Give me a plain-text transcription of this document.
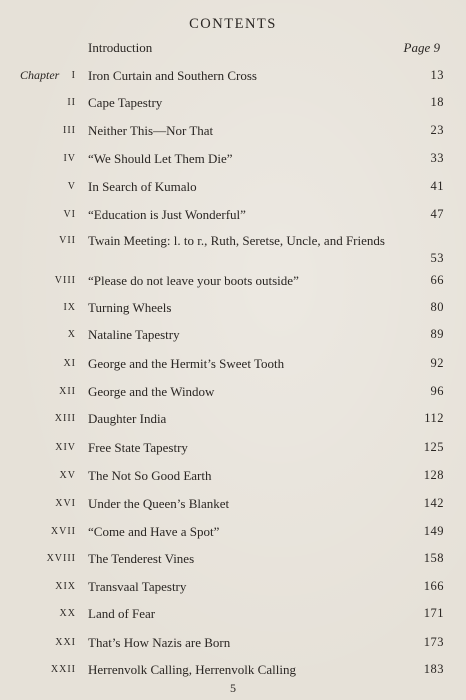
CONTENTS
Introduction	Page 9
Chapter I Iron Curtain and Southern Cross	13
II Cape Tapestry	18
III Neither This—Nor That	23
IV “We Should Let Them Die”	33
V In Search of Kumalo	41
VI “Education is Just Wonderful”	47
VII Twain Meeting: l. to r., Ruth, Seretse, Uncle, and Friends
53
VIII “Please do not leave your boots outside”	66
IX Turning Wheels	80
X Nataline Tapestry	89
XI George and the Hermit’s Sweet Tooth	92
XII George and the Window	96
XIII Daughter India	112
XIV Free State Tapestry	125
XV The Not So Good Earth	128
XVI Under the Queen’s Blanket	142
XVII “Come and Have a Spot”	149
XVIII The Tenderest Vines	158
XIX Transvaal Tapestry	166
XX Land of Fear	171
XXI That’s How Nazis are Born	173
XXII Herrenvolk Calling, Herrenvolk Calling	183
5
